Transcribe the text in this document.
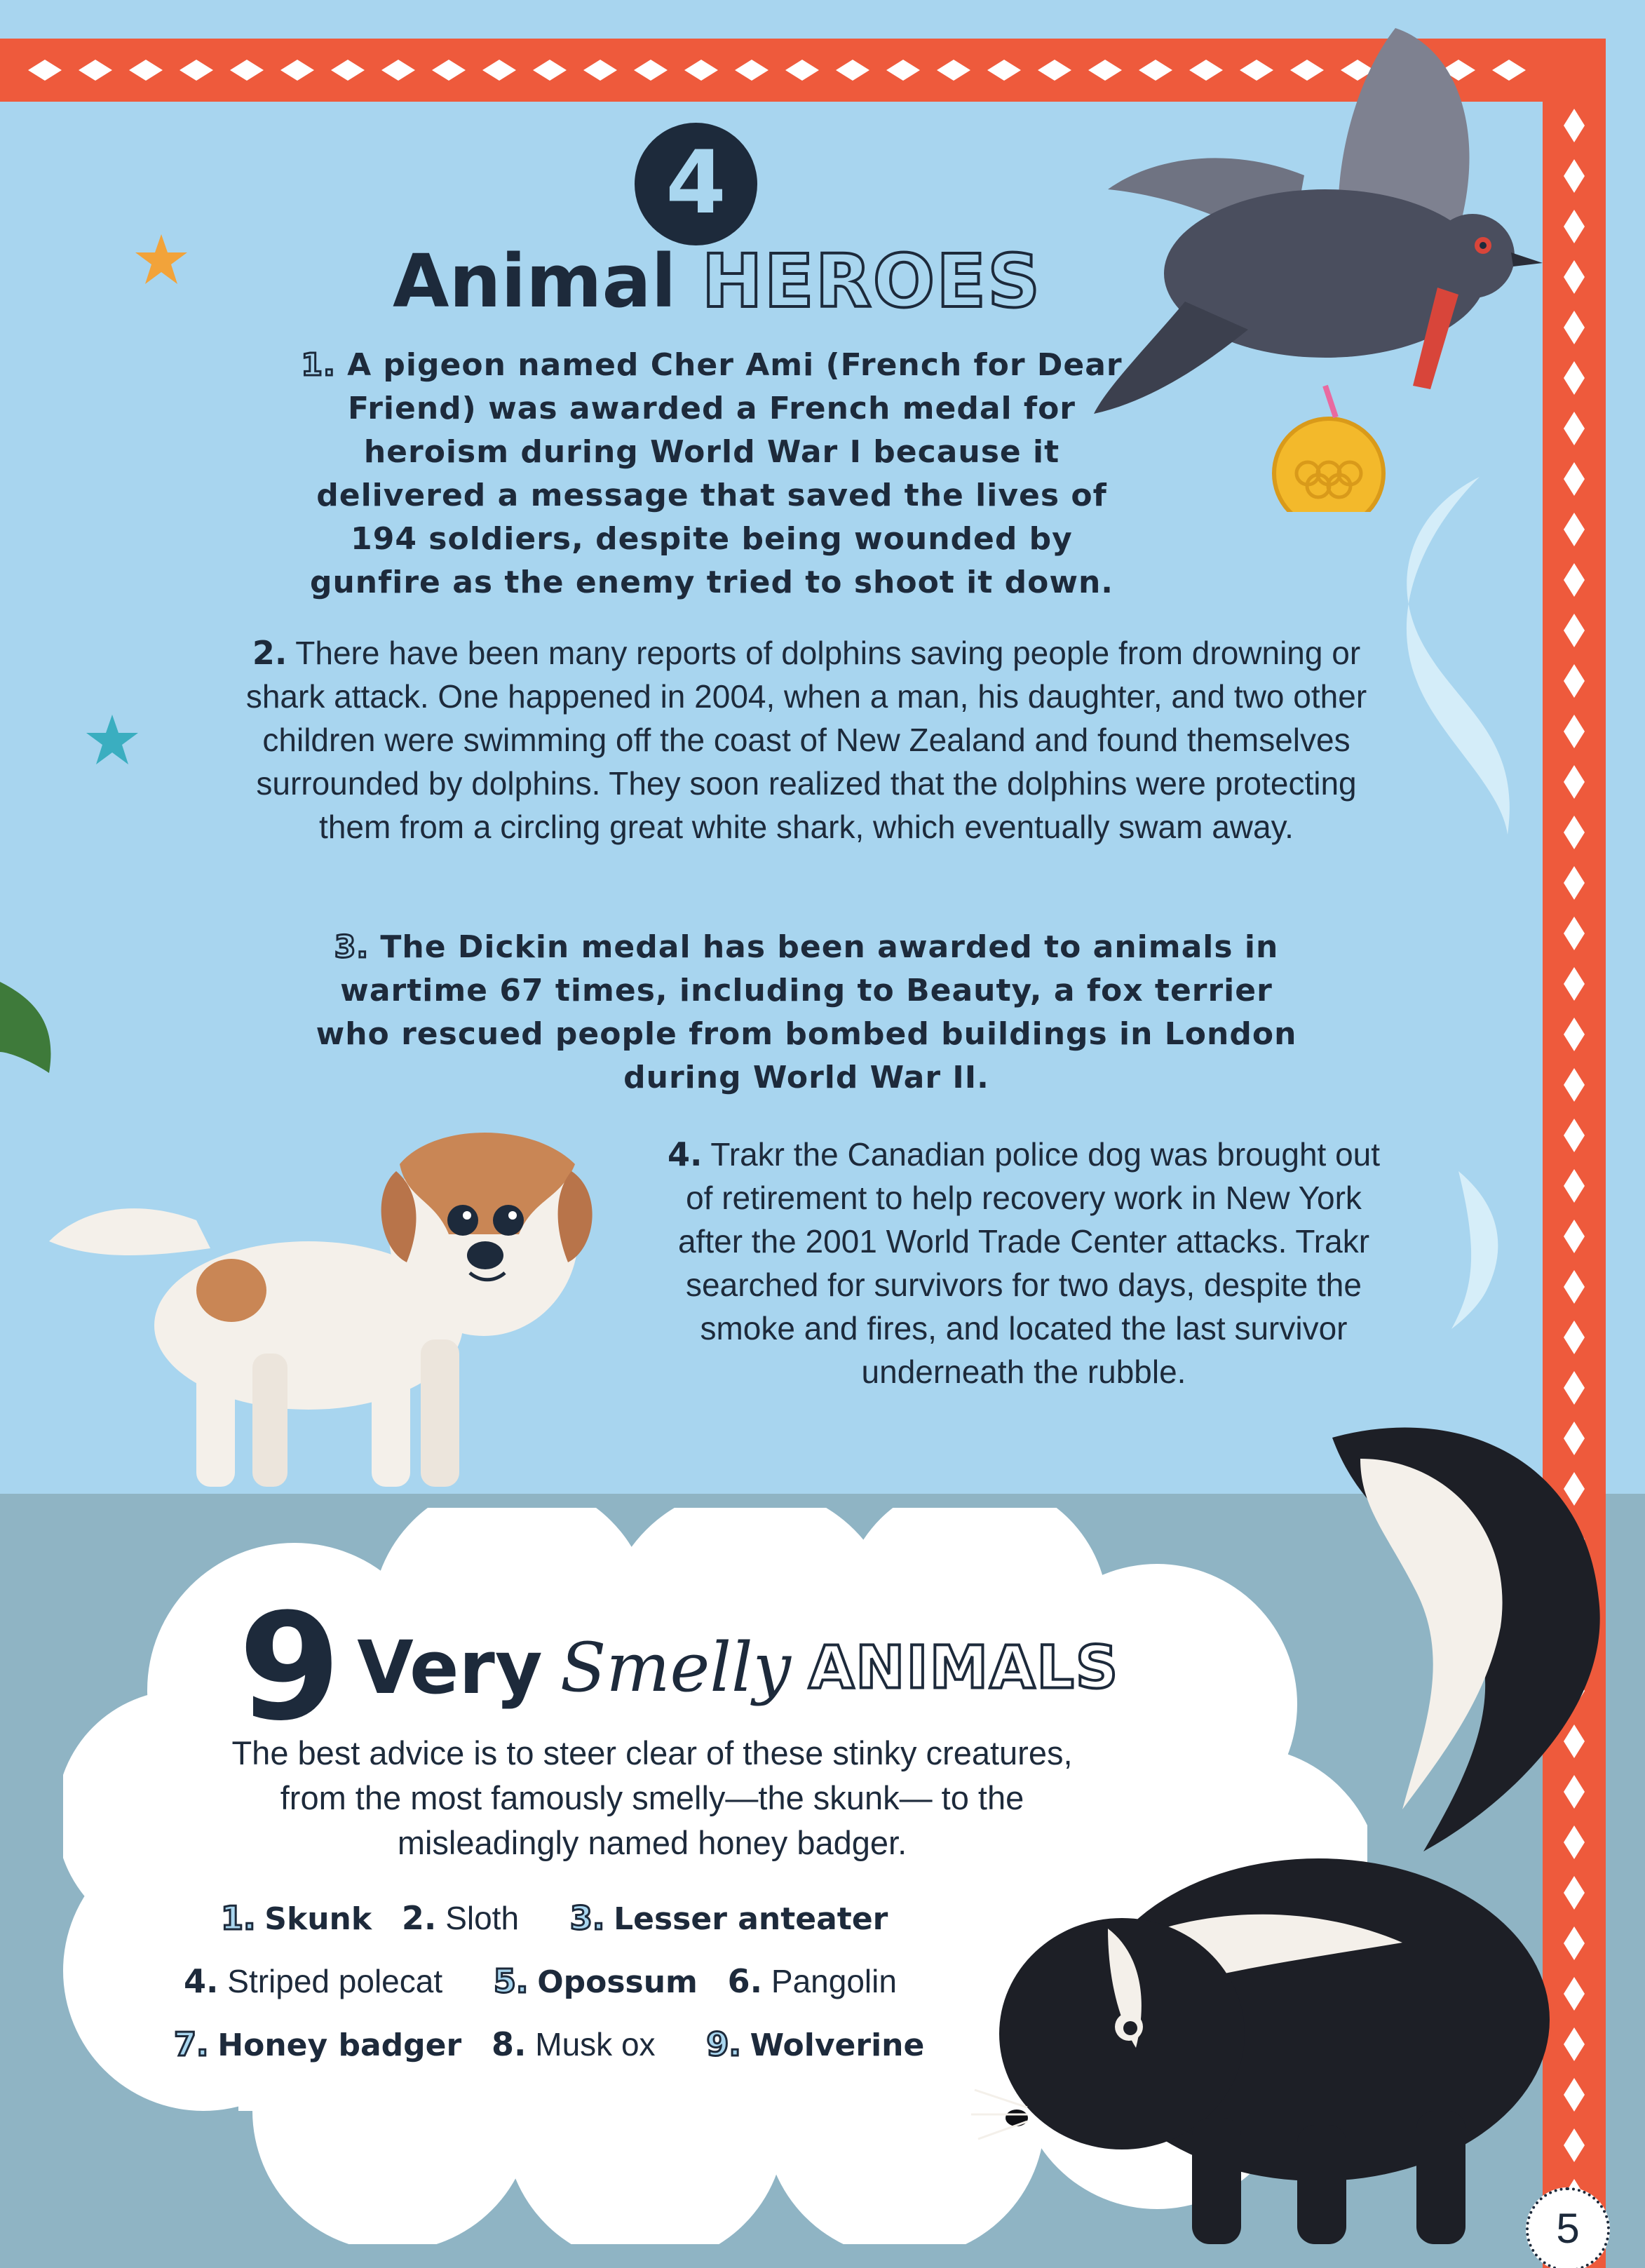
4
Animal HEROES
1. A pigeon named Cher Ami (French for Dear Friend) was awarded a French medal for heroism during World War I because it delivered a message that saved the lives of 194 soldiers, despite being wounded by gunfire as the enemy tried to shoot it down.
2. There have been many reports of dolphins saving people from drowning or shark attack. One happened in 2004, when a man, his daughter, and two other children were swimming off the coast of New Zealand and found themselves surrounded by dolphins. They soon realized that the dolphins were protecting them from a circling great white shark, which eventually swam away.
3. The Dickin medal has been awarded to animals in wartime 67 times, including to Beauty, a fox terrier who rescued people from bombed buildings in London during World War II.
4. Trakr the Canadian police dog was brought out of retirement to help recovery work in New York after the 2001 World Trade Center attacks. Trakr searched for survivors for two days, despite the smoke and fires, and located the last survivor underneath the rubble.
9 Very Smelly ANIMALS
The best advice is to steer clear of these stinky creatures, from the most famously smelly—the skunk— to the misleadingly named honey badger.
1. Skunk 2. Sloth 3. Lesser anteater
4. Striped polecat 5. Opossum 6. Pangolin
7. Honey badger 8. Musk ox 9. Wolverine
5
